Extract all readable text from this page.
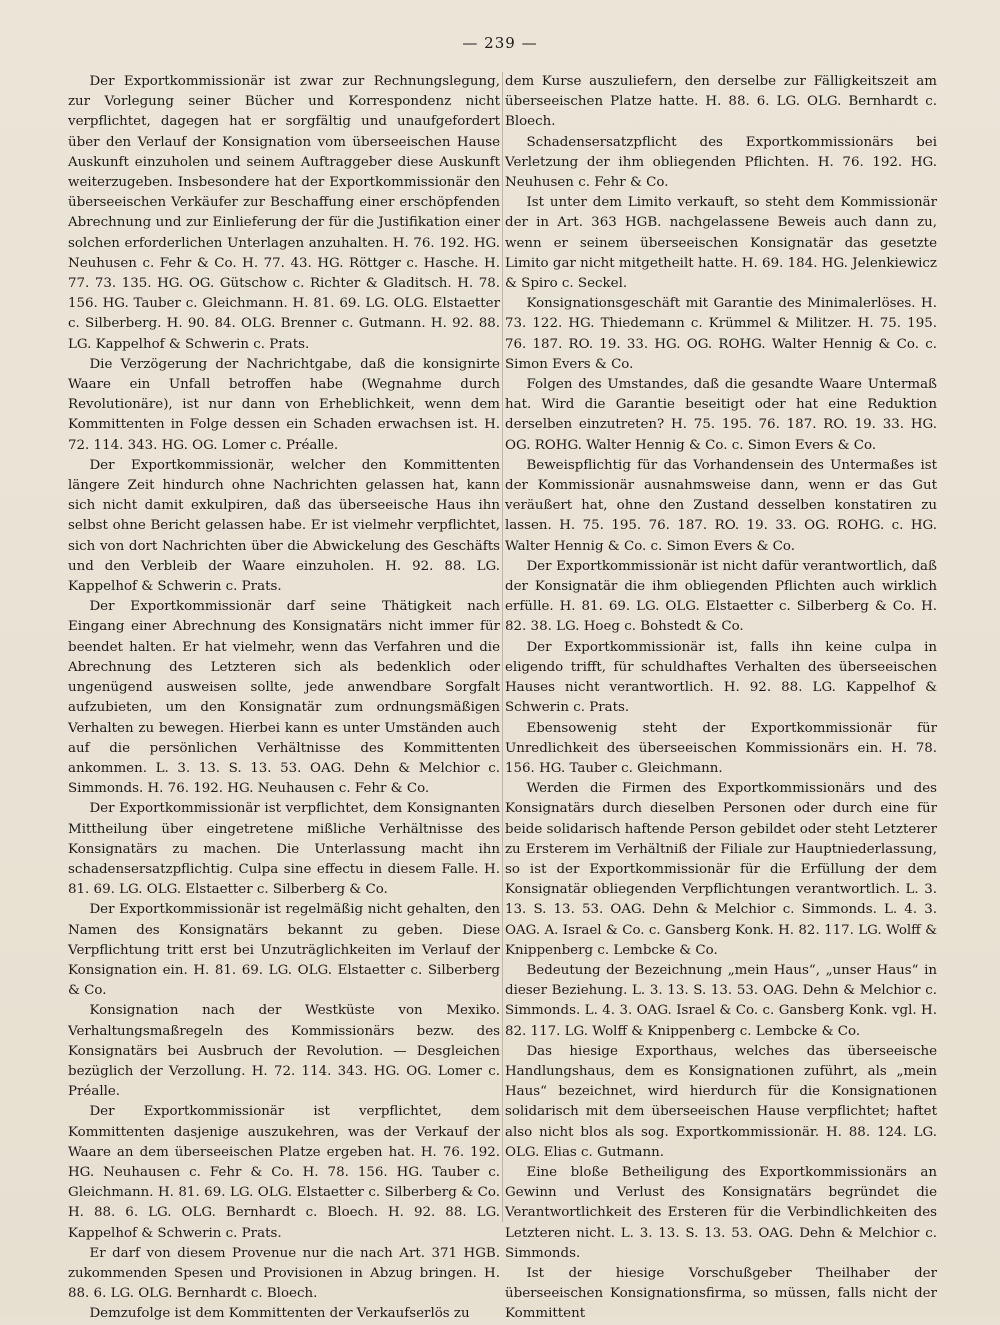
— 239 —

Der Exportkommissionär ist zwar zur Rechnungslegung, zur Vorlegung seiner Bücher und Korrespondenz nicht verpflichtet, dagegen hat er sorgfältig und unaufgefordert über den Verlauf der Konsignation vom überseeischen Hause Auskunft einzuholen und seinem Auftraggeber diese Auskunft weiterzugeben. Insbesondere hat der Exportkommissionär den überseeischen Verkäufer zur Beschaffung einer erschöpfenden Abrechnung und zur Einlieferung der für die Justifikation einer solchen erforderlichen Unterlagen anzuhalten. H. 76. 192. HG. Neuhusen c. Fehr & Co. H. 77. 43. HG. Röttger c. Hasche. H. 77. 73. 135. HG. OG. Gütschow c. Richter & Gladitsch. H. 78. 156. HG. Tauber c. Gleichmann. H. 81. 69. LG. OLG. Elstaetter c. Silberberg. H. 90. 84. OLG. Brenner c. Gutmann. H. 92. 88. LG. Kappelhof & Schwerin c. Prats.

Die Verzögerung der Nachrichtgabe, daß die konsignirte Waare ein Unfall betroffen habe (Wegnahme durch Revolutionäre), ist nur dann von Erheblichkeit, wenn dem Kommittenten in Folge dessen ein Schaden erwachsen ist. H. 72. 114. 343. HG. OG. Lomer c. Préalle.

Der Exportkommissionär, welcher den Kommittenten längere Zeit hindurch ohne Nachrichten gelassen hat, kann sich nicht damit exkulpiren, daß das überseeische Haus ihn selbst ohne Bericht gelassen habe. Er ist vielmehr verpflichtet, sich von dort Nachrichten über die Abwickelung des Geschäfts und den Verbleib der Waare einzuholen. H. 92. 88. LG. Kappelhof & Schwerin c. Prats.

Der Exportkommissionär darf seine Thätigkeit nach Eingang einer Abrechnung des Konsignatärs nicht immer für beendet halten. Er hat vielmehr, wenn das Verfahren und die Abrechnung des Letzteren sich als bedenklich oder ungenügend ausweisen sollte, jede anwendbare Sorgfalt aufzubieten, um den Konsignatär zum ordnungsmäßigen Verhalten zu bewegen. Hierbei kann es unter Umständen auch auf die persönlichen Verhältnisse des Kommittenten ankommen. L. 3. 13. S. 13. 53. OAG. Dehn & Melchior c. Simmonds. H. 76. 192. HG. Neuhausen c. Fehr & Co.

Der Exportkommissionär ist verpflichtet, dem Konsignanten Mittheilung über eingetretene mißliche Verhältnisse des Konsignatärs zu machen. Die Unterlassung macht ihn schadensersatzpflichtig. Culpa sine effectu in diesem Falle. H. 81. 69. LG. OLG. Elstaetter c. Silberberg & Co.

Der Exportkommissionär ist regelmäßig nicht gehalten, den Namen des Konsignatärs bekannt zu geben. Diese Verpflichtung tritt erst bei Unzuträglichkeiten im Verlauf der Konsignation ein. H. 81. 69. LG. OLG. Elstaetter c. Silberberg & Co.

Konsignation nach der Westküste von Mexiko. Verhaltungsmaßregeln des Kommissionärs bezw. des Konsignatärs bei Ausbruch der Revolution. — Desgleichen bezüglich der Verzollung. H. 72. 114. 343. HG. OG. Lomer c. Préalle.

Der Exportkommissionär ist verpflichtet, dem Kommittenten dasjenige auszukehren, was der Verkauf der Waare an dem überseeischen Platze ergeben hat. H. 76. 192. HG. Neuhausen c. Fehr & Co. H. 78. 156. HG. Tauber c. Gleichmann. H. 81. 69. LG. OLG. Elstaetter c. Silberberg & Co. H. 88. 6. LG. OLG. Bernhardt c. Bloech. H. 92. 88. LG. Kappelhof & Schwerin c. Prats.

Er darf von diesem Provenue nur die nach Art. 371 HGB. zukommenden Spesen und Provisionen in Abzug bringen. H. 88. 6. LG. OLG. Bernhardt c. Bloech.

Demzufolge ist dem Kommittenten der Verkaufserlös zu

dem Kurse auszuliefern, den derselbe zur Fälligkeitszeit am überseeischen Platze hatte. H. 88. 6. LG. OLG. Bernhardt c. Bloech.

Schadensersatzpflicht des Exportkommissionärs bei Verletzung der ihm obliegenden Pflichten. H. 76. 192. HG. Neuhusen c. Fehr & Co.

Ist unter dem Limito verkauft, so steht dem Kommissionär der in Art. 363 HGB. nachgelassene Beweis auch dann zu, wenn er seinem überseeischen Konsignatär das gesetzte Limito gar nicht mitgetheilt hatte. H. 69. 184. HG. Jelenkiewicz & Spiro c. Seckel.

Konsignationsgeschäft mit Garantie des Minimalerlöses. H. 73. 122. HG. Thiedemann c. Krümmel & Militzer. H. 75. 195. 76. 187. RO. 19. 33. HG. OG. ROHG. Walter Hennig & Co. c. Simon Evers & Co.

Folgen des Umstandes, daß die gesandte Waare Untermaß hat. Wird die Garantie beseitigt oder hat eine Reduktion derselben einzutreten? H. 75. 195. 76. 187. RO. 19. 33. HG. OG. ROHG. Walter Hennig & Co. c. Simon Evers & Co.

Beweispflichtig für das Vorhandensein des Untermaßes ist der Kommissionär ausnahmsweise dann, wenn er das Gut veräußert hat, ohne den Zustand desselben konstatiren zu lassen. H. 75. 195. 76. 187. RO. 19. 33. OG. ROHG. c. HG. Walter Hennig & Co. c. Simon Evers & Co.

Der Exportkommissionär ist nicht dafür verantwortlich, daß der Konsignatär die ihm obliegenden Pflichten auch wirklich erfülle. H. 81. 69. LG. OLG. Elstaetter c. Silberberg & Co. H. 82. 38. LG. Hoeg c. Bohstedt & Co.

Der Exportkommissionär ist, falls ihn keine culpa in eligendo trifft, für schuldhaftes Verhalten des überseeischen Hauses nicht verantwortlich. H. 92. 88. LG. Kappelhof & Schwerin c. Prats.

Ebensowenig steht der Exportkommissionär für Unredlichkeit des überseeischen Kommissionärs ein. H. 78. 156. HG. Tauber c. Gleichmann.

Werden die Firmen des Exportkommissionärs und des Konsignatärs durch dieselben Personen oder durch eine für beide solidarisch haftende Person gebildet oder steht Letzterer zu Ersterem im Verhältniß der Filiale zur Hauptniederlassung, so ist der Exportkommissionär für die Erfüllung der dem Konsignatär obliegenden Verpflichtungen verantwortlich. L. 3. 13. S. 13. 53. OAG. Dehn & Melchior c. Simmonds. L. 4. 3. OAG. A. Israel & Co. c. Gansberg Konk. H. 82. 117. LG. Wolff & Knippenberg c. Lembcke & Co.

Bedeutung der Bezeichnung „mein Haus“, „unser Haus“ in dieser Beziehung. L. 3. 13. S. 13. 53. OAG. Dehn & Melchior c. Simmonds. L. 4. 3. OAG. Israel & Co. c. Gansberg Konk. vgl. H. 82. 117. LG. Wolff & Knippenberg c. Lembcke & Co.

Das hiesige Exporthaus, welches das überseeische Handlungshaus, dem es Konsignationen zuführt, als „mein Haus“ bezeichnet, wird hierdurch für die Konsignationen solidarisch mit dem überseeischen Hause verpflichtet; haftet also nicht blos als sog. Exportkommissionär. H. 88. 124. LG. OLG. Elias c. Gutmann.

Eine bloße Betheiligung des Exportkommissionärs an Gewinn und Verlust des Konsignatärs begründet die Verantwortlichkeit des Ersteren für die Verbindlichkeiten des Letzteren nicht. L. 3. 13. S. 13. 53. OAG. Dehn & Melchior c. Simmonds.

Ist der hiesige Vorschußgeber Theilhaber der überseeischen Konsignationsfirma, so müssen, falls nicht der Kommittent
